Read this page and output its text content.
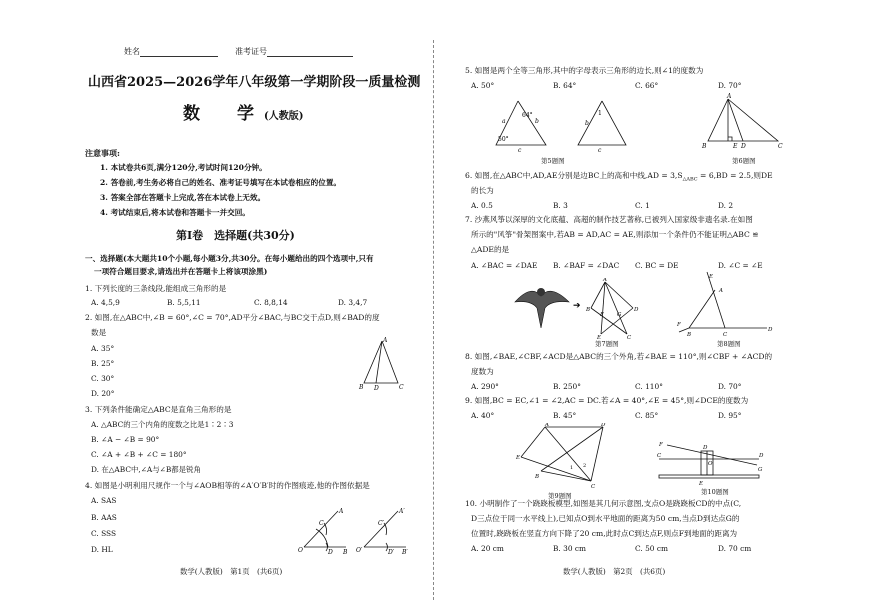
姓名	准考证号
山西省2025—2026学年八年级第一学期阶段一质量检测
数　学(人教版)
注意事项:
1. 本试卷共6页,满分120分,考试时间120分钟。
2. 答卷前,考生务必将自己的姓名、准考证号填写在本试卷相应的位置。
3. 答案全部在答题卡上完成,答在本试卷上无效。
4. 考试结束后,将本试卷和答题卡一并交回。
第Ⅰ卷　选择题(共30分)
一、选择题(本大题共10个小题,每小题3分,共30分。在每小题给出的四个选项中,只有
一项符合题目要求,请选出并在答题卡上将该项涂黑)
1. 下列长度的三条线段,能组成三角形的是
A. 4,5,9	B. 5,5,11	C. 8,8,14	D. 3,4,7
2. 如图,在△ABC中,∠B = 60°,∠C = 70°,AD平分∠BAC,与BC交于点D,则∠BAD的度
数是
A. 35°
B. 25°
C. 30°
D. 20°
A
B D	C
3. 下列条件能确定△ABC是直角三角形的是
A. △ABC的三个内角的度数之比是1∶2∶3
B. ∠A − ∠B = 90°
C. ∠A + ∠B + ∠C = 180°
D. 在△ABC中,∠A与∠B都是锐角
4. 如图是小明利用尺规作一个与∠AOB相等的∠A′O′B′时的作图痕迹,他的作图依据是
A. SAS
B. AAS
C. SSS
D. HL
A
B
O
C
D
A′
B′
O′
C′
D′
数学(人教版)　第1页　(共6页)
5. 如图是两个全等三角形,其中的字母表示三角形的边长,则∠1的度数为
A. 50°	B. 64°	C. 66°	D. 70°
64°
50°
a	b
c
b
c
1
第5题图
A
B	E D	C
第6题图
6. 如图,在△ABC中,AD,AE分别是边BC上的高和中线$,AD = 3,S_{\triangle ABC} = 6,BD = 2.5$,则DE
的长为
A. 0.5	B. 3	C. 1	D. 2
7. 沙燕风筝以深厚的文化底蕴、高超的制作技艺著称,已被列入国家级非遗名录.在如图
所示的"风筝"骨架图案中,若AB = AD,AC = AE,则添加一个条件仍不能证明△ABC ≌
△ADE的是
A. ∠BAC = ∠DAE B. ∠BAF = ∠DAC C. BC = DE	D. ∠C = ∠E
➔
A
B	D
F G
C
E
第7题图
E
A
F
B	C
D
第8题图
8. 如图,∠BAE,∠CBF,∠ACD是△ABC的三个外角,若∠BAE = 110°,则∠CBF + ∠ACD的
度数为
A. 290°	B. 250°	C. 110°	D. 70°
9. 如图,BC = EC,∠1 = ∠2,AC = DC.若∠A = 40°,∠E = 45°,则∠DCE的度数为
A. 40°	B. 45°	C. 85°	D. 95°
A	D
E
B
C
1 2
第9题图
F
C
D
O
E
D
G
第10题图
10. 小明制作了一个跷跷板模型,如图是其几何示意图,支点O是跷跷板CD的中点(C,
D三点位于同一水平线上),已知点O到水平地面的距离为50 cm,当点D到达点G的
位置时,跷跷板在竖直方向下降了20 cm,此时点C到达点F,则点F到地面的距离为
A. 20 cm	B. 30 cm	C. 50 cm	D. 70 cm
数学(人教版)　第2页　(共6页)
